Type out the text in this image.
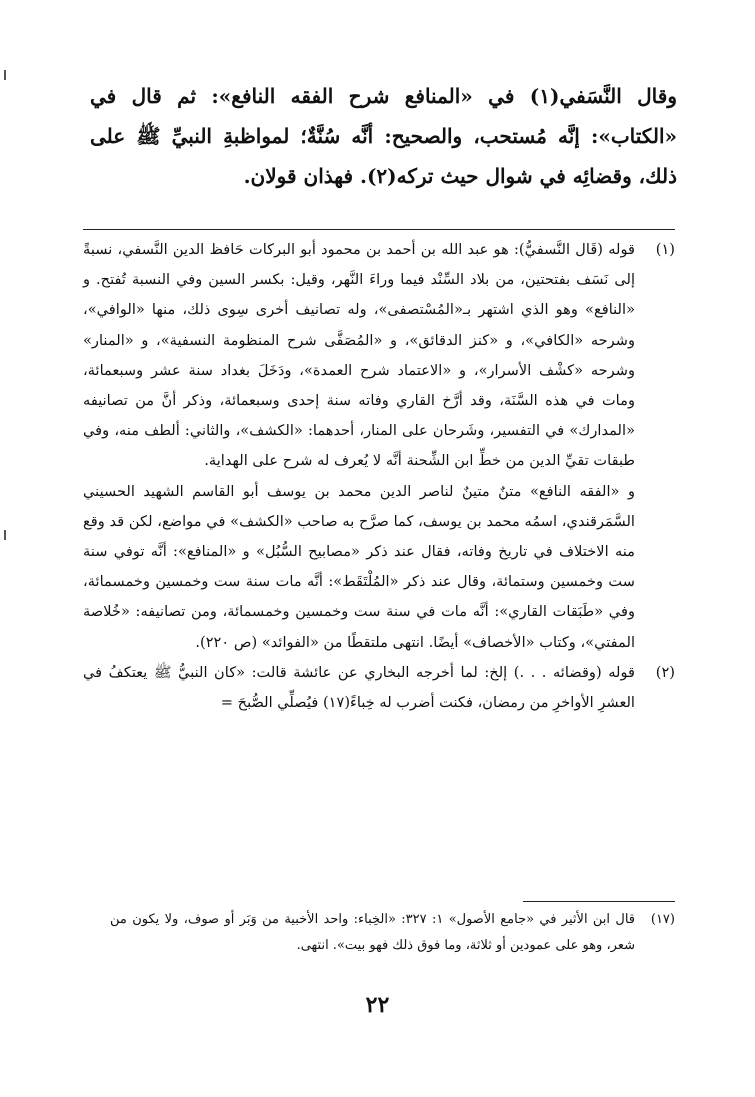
وقال النَّسَفي(١) في «المنافع شرح الفقه النافع»: ثم قال في «الكتاب»: إنَّه مُستحب، والصحيح: أنَّه سُنَّةٌ؛ لمواظبةِ النبيِّ ﷺ على ذلك، وقضائِه في شوال حيث تركه(٢). فهذان قولان.

(١)

قوله (قَال النَّسفيُّ): هو عبد الله بن أحمد بن محمود أبو البركات حَافظ الدين النَّسفي، نسبةً إلى نَسَف بفتحتين، من بلاد السِّنْد فيما وراءَ النَّهر، وقيل: بكسر السين وفي النسبة تُفتح. و «النافع» وهو الذي اشتهر بـ«المُسْتصفى»، وله تصانيف أخرى سِوى ذلك، منها «الوافي»، وشرحه «الكافي»، و «كنز الدقائق»، و «المُصَفَّى شرح المنظومة النسفية»، و «المنار» وشرحه «كشْف الأسرار»، و «الاعتماد شرح العمدة»، ودَخَلَ بغداد سنة عشر وسبعمائة، ومات في هذه السَّنَة، وقد أرَّخ القاري وفاته سنة إحدى وسبعمائة، وذكر أنَّ من تصانيفه «المدارك» في التفسير، وشَرحان على المنار، أحدهما: «الكشف»، والثاني: ألطف منه، وفي طبقات تقيِّ الدين من خطِّ ابن الشِّحنة أنَّه لا يُعرف له شرح على الهداية.

و «الفقه النافع» متنٌ متينٌ لناصر الدين محمد بن يوسف أبو القاسم الشهيد الحسيني السَّمَرقندي، اسمُه محمد بن يوسف، كما صرَّح به صاحب «الكشف» في مواضع، لكن قد وقع منه الاختلاف في تاريخ وفاته، فقال عند ذكر «مصابيح السُّبُل» و «المنافع»: أنَّه توفي سنة ست وخمسين وستمائة، وقال عند ذكر «المُلْتَقَط»: أنَّه مات سنة ست وخمسين وخمسمائة، وفي «طَبَقات القاري»: أنَّه مات في سنة ست وخمسين وخمسمائة، ومن تصانيفه: «خُلاصة المفتي»، وكتاب «الأخصاف» أيضًا. انتهى ملتقطًا من «الفوائد» (ص ٢٢٠).

(٢)

قوله (وقضائه . . .) إلخ: لما أخرجه البخاري عن عائشة قالت: «كان النبيُّ ﷺ يعتكفُ في العشرِ الأواخرِ من رمضان، فكنت أضرب له خِباءً(١٧) فيُصلِّي الصُّبحَ =

(١٧)
قال ابن الأثير في «جامع الأصول» ١: ٣٢٧: «الخِباء: واحد الأخبية من وَبَر أو صوف، ولا يكون من شعر، وهو على عمودين أو ثلاثة، وما فوق ذلك فهو بيت». انتهى.
٢٢
